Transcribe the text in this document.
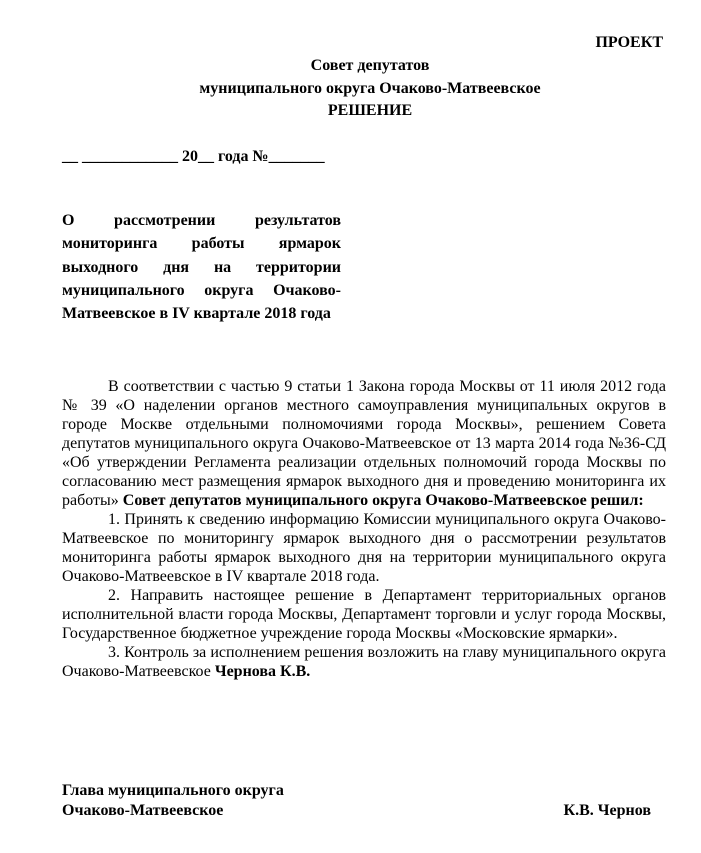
ПРОЕКТ
Совет депутатов
муниципального округа Очаково-Матвеевское
РЕШЕНИЕ
__ ____________ 20__ года №_______
О рассмотрении результатов мониторинга работы ярмарок выходного дня на территории муниципального округа Очаково-Матвеевское в IV квартале 2018 года

В соответствии с частью 9 статьи 1 Закона города Москвы от 11 июля 2012 года № 39 «О наделении органов местного самоуправления муниципальных округов в городе Москве отдельными полномочиями города Москвы», решением Совета депутатов муниципального округа Очаково-Матвеевское от 13 марта 2014 года №36-СД «Об утверждении Регламента реализации отдельных полномочий города Москвы по согласованию мест размещения ярмарок выходного дня и проведению мониторинга их работы» Совет депутатов муниципального округа Очаково-Матвеевское решил:

1. Принять к сведению информацию Комиссии муниципального округа Очаково-Матвеевское по мониторингу ярмарок выходного дня о рассмотрении результатов мониторинга работы ярмарок выходного дня на территории муниципального округа Очаково-Матвеевское в IV квартале 2018 года.

2. Направить настоящее решение в Департамент территориальных органов исполнительной власти города Москвы, Департамент торговли и услуг города Москвы, Государственное бюджетное учреждение города Москвы «Московские ярмарки».

3. Контроль за исполнением решения возложить на главу муниципального округа Очаково-Матвеевское Чернова К.В.

Глава муниципального округа
Очаково-Матвеевское	К.В. Чернов
